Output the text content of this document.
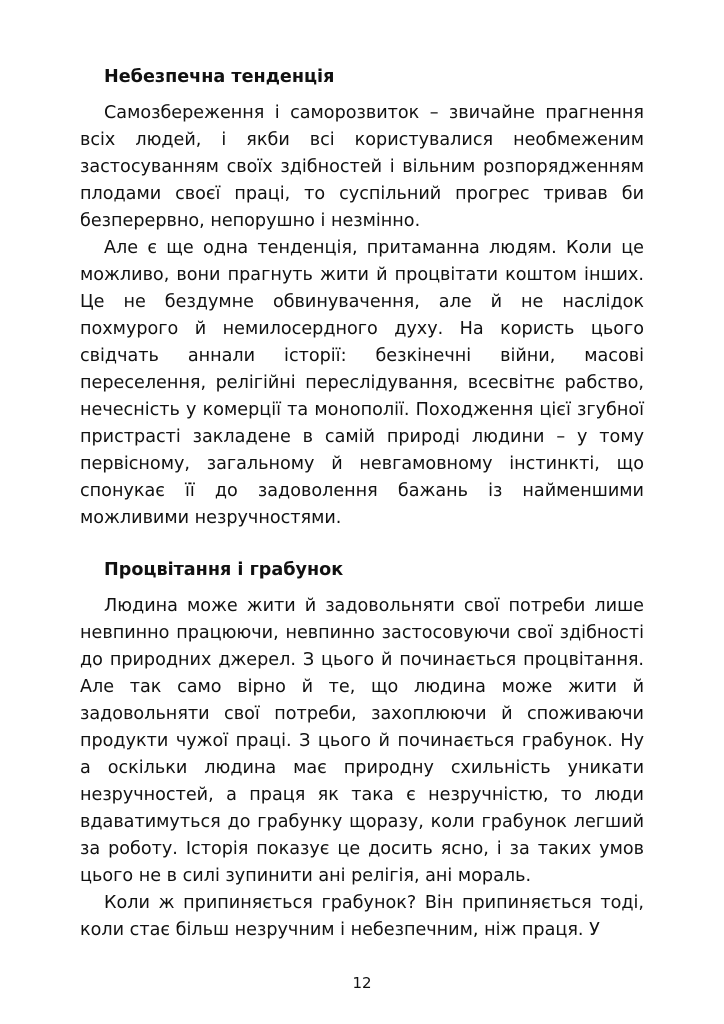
Небезпечна тенденція

Самозбереження і саморозвиток – звичайне прагнення всіх людей, і якби всі користувалися необмеженим застосуванням своїх здібностей і вільним розпорядженням плодами своєї праці, то суспільний прогрес тривав би безперервно, непорушно і незмінно.

Але є ще одна тенденція, притаманна людям. Коли це можливо, вони прагнуть жити й процвітати коштом інших. Це не бездумне обвинувачення, але й не наслідок похмурого й немилосердного духу. На користь цього свідчать аннали історії: безкінечні війни, масові переселення, релігійні переслідування, всесвітнє рабство, нечесність у комерції та монополії. Походження цієї згубної пристрасті закладене в самій природі людини – у тому первісному, загальному й невгамовному інстинкті, що спонукає її до задоволення бажань із найменшими можливими незручностями.

Процвітання і грабунок

Людина може жити й задовольняти свої потреби лише невпинно працюючи, невпинно застосовуючи свої здібності до природних джерел. З цього й починається процвітання. Але так само вірно й те, що людина може жити й задовольняти свої потреби, захоплюючи й споживаючи продукти чужої праці. З цього й починається грабунок. Ну а оскільки людина має природну схильність уникати незручностей, а праця як така є незручністю, то люди вдаватимуться до грабунку щоразу, коли грабунок легший за роботу. Історія показує це досить ясно, і за таких умов цього не в силі зупинити ані релігія, ані мораль.

Коли ж припиняється грабунок? Він припиняється тоді, коли стає більш незручним і небезпечним, ніж праця. У

12
